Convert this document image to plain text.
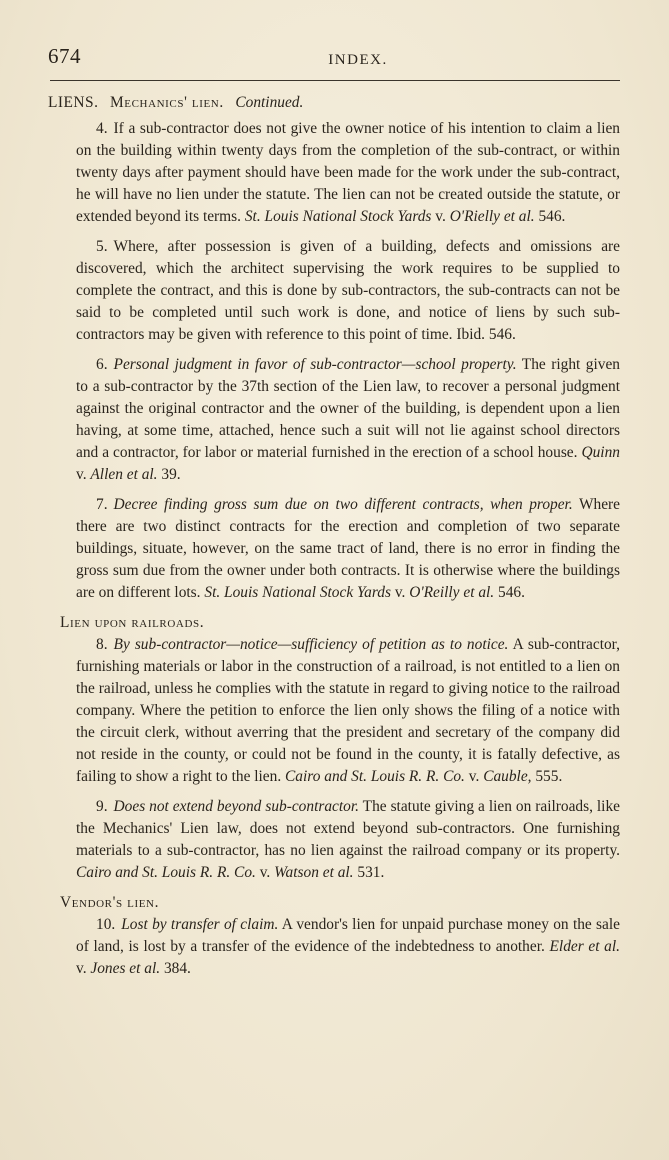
674	INDEX.

LIENS. Mechanics' lien. Continued.

4. If a sub-contractor does not give the owner notice of his intention to claim a lien on the building within twenty days from the completion of the sub-contract, or within twenty days after payment should have been made for the work under the sub-contract, he will have no lien under the statute. The lien can not be created outside the statute, or extended beyond its terms. St. Louis National Stock Yards v. O'Rielly et al. 546.

5. Where, after possession is given of a building, defects and omissions are discovered, which the architect supervising the work requires to be supplied to complete the contract, and this is done by sub-contractors, the sub-contracts can not be said to be completed until such work is done, and notice of liens by such sub-contractors may be given with reference to this point of time. Ibid. 546.

6. Personal judgment in favor of sub-contractor—school property. The right given to a sub-contractor by the 37th section of the Lien law, to recover a personal judgment against the original contractor and the owner of the building, is dependent upon a lien having, at some time, attached, hence such a suit will not lie against school directors and a contractor, for labor or material furnished in the erection of a school house. Quinn v. Allen et al. 39.

7. Decree finding gross sum due on two different contracts, when proper. Where there are two distinct contracts for the erection and completion of two separate buildings, situate, however, on the same tract of land, there is no error in finding the gross sum due from the owner under both contracts. It is otherwise where the buildings are on different lots. St. Louis National Stock Yards v. O'Reilly et al. 546.

Lien upon railroads.

8. By sub-contractor—notice—sufficiency of petition as to notice. A sub-contractor, furnishing materials or labor in the construction of a railroad, is not entitled to a lien on the railroad, unless he complies with the statute in regard to giving notice to the railroad company. Where the petition to enforce the lien only shows the filing of a notice with the circuit clerk, without averring that the president and secretary of the company did not reside in the county, or could not be found in the county, it is fatally defective, as failing to show a right to the lien. Cairo and St. Louis R. R. Co. v. Cauble, 555.

9. Does not extend beyond sub-contractor. The statute giving a lien on railroads, like the Mechanics' Lien law, does not extend beyond sub-contractors. One furnishing materials to a sub-contractor, has no lien against the railroad company or its property. Cairo and St. Louis R. R. Co. v. Watson et al. 531.

Vendor's lien.

10. Lost by transfer of claim. A vendor's lien for unpaid purchase money on the sale of land, is lost by a transfer of the evidence of the indebtedness to another. Elder et al. v. Jones et al. 384.
